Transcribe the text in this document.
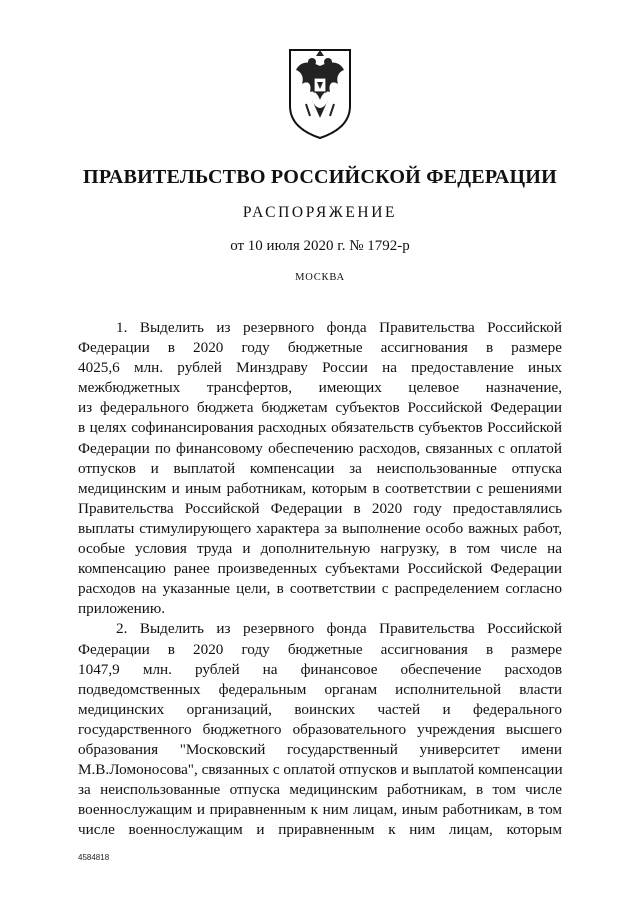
ПРАВИТЕЛЬСТВО РОССИЙСКОЙ ФЕДЕРАЦИИ
РАСПОРЯЖЕНИЕ
от 10 июля 2020 г. № 1792-р
МОСКВА
1. Выделить из резервного фонда Правительства Российской
Федерации в 2020 году бюджетные ассигнования в размере
4025,6 млн. рублей Минздраву России на предоставление иных
межбюджетных трансфертов, имеющих целевое назначение,
из федерального бюджета бюджетам субъектов Российской Федерации
в целях софинансирования расходных обязательств субъектов Российской
Федерации по финансовому обеспечению расходов, связанных с оплатой
отпусков и выплатой компенсации за неиспользованные отпуска
медицинским и иным работникам, которым в соответствии с решениями
Правительства Российской Федерации в 2020 году предоставлялись
выплаты стимулирующего характера за выполнение особо важных работ,
особые условия труда и дополнительную нагрузку, в том числе на
компенсацию ранее произведенных субъектами Российской Федерации
расходов на указанные цели, в соответствии с распределением согласно
приложению.
2. Выделить из резервного фонда Правительства Российской
Федерации в 2020 году бюджетные ассигнования в размере
1047,9 млн. рублей на финансовое обеспечение расходов
подведомственных федеральным органам исполнительной власти
медицинских организаций, воинских частей и федерального
государственного бюджетного образовательного учреждения высшего
образования "Московский государственный университет имени
М.В.Ломоносова", связанных с оплатой отпусков и выплатой компенсации
за неиспользованные отпуска медицинским работникам, в том числе
военнослужащим и приравненным к ним лицам, иным работникам, в том
числе военнослужащим и приравненным к ним лицам, которым
4584818
